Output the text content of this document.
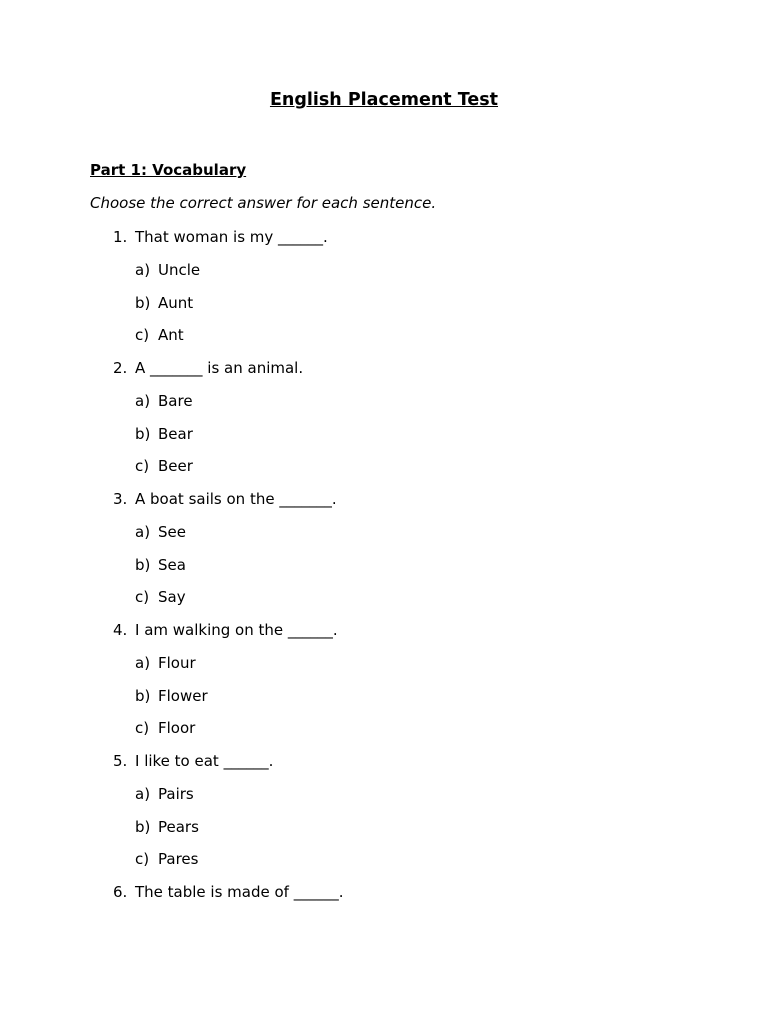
English Placement Test
Part 1: Vocabulary
Choose the correct answer for each sentence.
1. That woman is my ______.
a) Uncle
b) Aunt
c) Ant
2. A _______ is an animal.
a) Bare
b) Bear
c) Beer
3. A boat sails on the _______.
a) See
b) Sea
c) Say
4. I am walking on the ______.
a) Flour
b) Flower
c) Floor
5. I like to eat ______.
a) Pairs
b) Pears
c) Pares
6. The table is made of ______.
